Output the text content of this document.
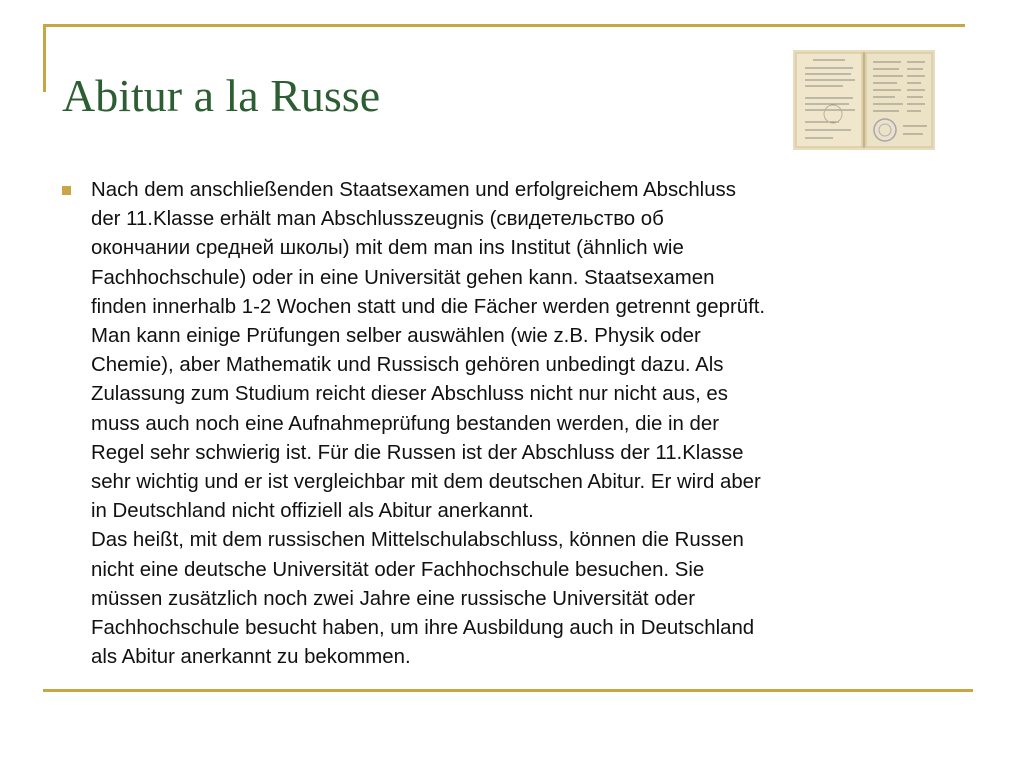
Abitur a la Russe

Nach dem anschließenden Staatsexamen und erfolgreichem Abschluss
der 11.Klasse erhält man Abschlusszeugnis (свидетельство об
окончании средней школы) mit dem man ins Institut (ähnlich wie
Fachhochschule) oder in eine Universität gehen kann. Staatsexamen
finden innerhalb 1-2 Wochen statt und die Fächer werden getrennt geprüft.
Man kann einige Prüfungen selber auswählen (wie z.B. Physik oder
Chemie), aber Mathematik und Russisch gehören unbedingt dazu. Als
Zulassung zum Studium reicht dieser Abschluss nicht nur nicht aus, es
muss auch noch eine Aufnahmeprüfung bestanden werden, die in der
Regel sehr schwierig ist. Für die Russen ist der Abschluss der 11.Klasse
sehr wichtig und er ist vergleichbar mit dem deutschen Abitur. Er wird aber
in Deutschland nicht offiziell als Abitur anerkannt.
Das heißt, mit dem russischen Mittelschulabschluss, können die Russen
nicht eine deutsche Universität oder Fachhochschule besuchen. Sie
müssen zusätzlich noch zwei Jahre eine russische Universität oder
Fachhochschule besucht haben, um ihre Ausbildung auch in Deutschland
als Abitur anerkannt zu bekommen.
